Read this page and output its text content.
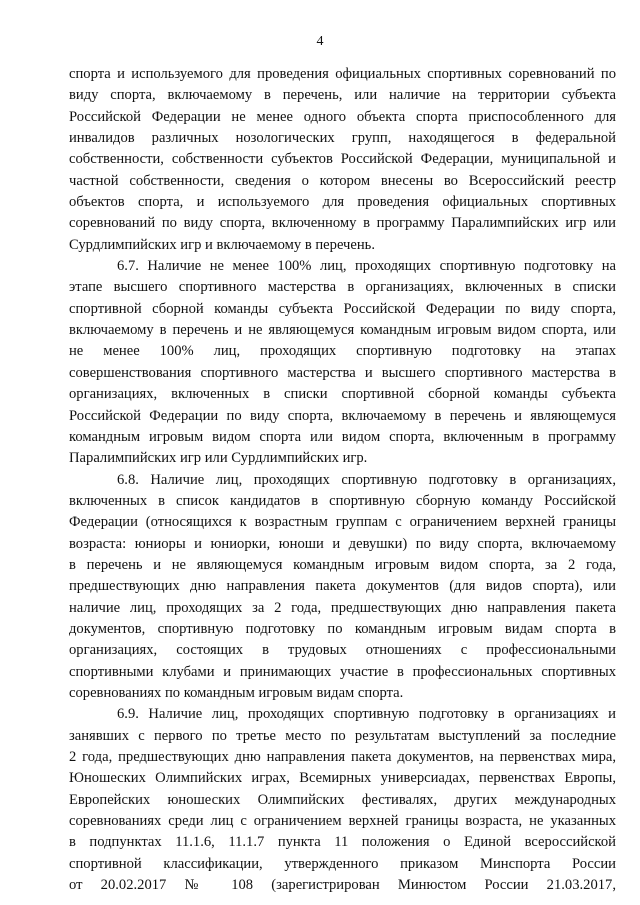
4

спорта и используемого для проведения официальных спортивных соревнований по
виду спорта, включаемому в перечень, или наличие на территории субъекта
Российской Федерации не менее одного объекта спорта приспособленного для
инвалидов различных нозологических групп, находящегося в федеральной
собственности, собственности субъектов Российской Федерации, муниципальной и
частной собственности, сведения о котором внесены во Всероссийский реестр
объектов спорта, и используемого для проведения официальных спортивных
соревнований по виду спорта, включенному в программу Паралимпийских игр или
Сурдлимпийских игр и включаемому в перечень.

6.7. Наличие не менее 100% лиц, проходящих спортивную подготовку на
этапе высшего спортивного мастерства в организациях, включенных в списки
спортивной сборной команды субъекта Российской Федерации по виду спорта,
включаемому в перечень и не являющемуся командным игровым видом спорта, или
не менее 100% лиц, проходящих спортивную подготовку на этапах
совершенствования спортивного мастерства и высшего спортивного мастерства в
организациях, включенных в списки спортивной сборной команды субъекта
Российской Федерации по виду спорта, включаемому в перечень и являющемуся
командным игровым видом спорта или видом спорта, включенным в программу
Паралимпийских игр или Сурдлимпийских игр.

6.8. Наличие лиц, проходящих спортивную подготовку в организациях,
включенных в список кандидатов в спортивную сборную команду Российской
Федерации (относящихся к возрастным группам с ограничением верхней границы
возраста: юниоры и юниорки, юноши и девушки) по виду спорта, включаемому
в перечень и не являющемуся командным игровым видом спорта, за 2 года,
предшествующих дню направления пакета документов (для видов спорта), или
наличие лиц, проходящих за 2 года, предшествующих дню направления пакета
документов, спортивную подготовку по командным игровым видам спорта в
организациях, состоящих в трудовых отношениях с профессиональными
спортивными клубами и принимающих участие в профессиональных спортивных
соревнованиях по командным игровым видам спорта.

6.9. Наличие лиц, проходящих спортивную подготовку в организациях и
занявших с первого по третье место по результатам выступлений за последние
2 года, предшествующих дню направления пакета документов, на первенствах мира,
Юношеских Олимпийских играх, Всемирных универсиадах, первенствах Европы,
Европейских юношеских Олимпийских фестивалях, других международных
соревнованиях среди лиц с ограничением верхней границы возраста, не указанных
в подпунктах 11.1.6, 11.1.7 пункта 11 положения о Единой всероссийской
спортивной классификации, утвержденного приказом Минспорта России
от 20.02.2017 № 108 (зарегистрирован Минюстом России 21.03.2017,
